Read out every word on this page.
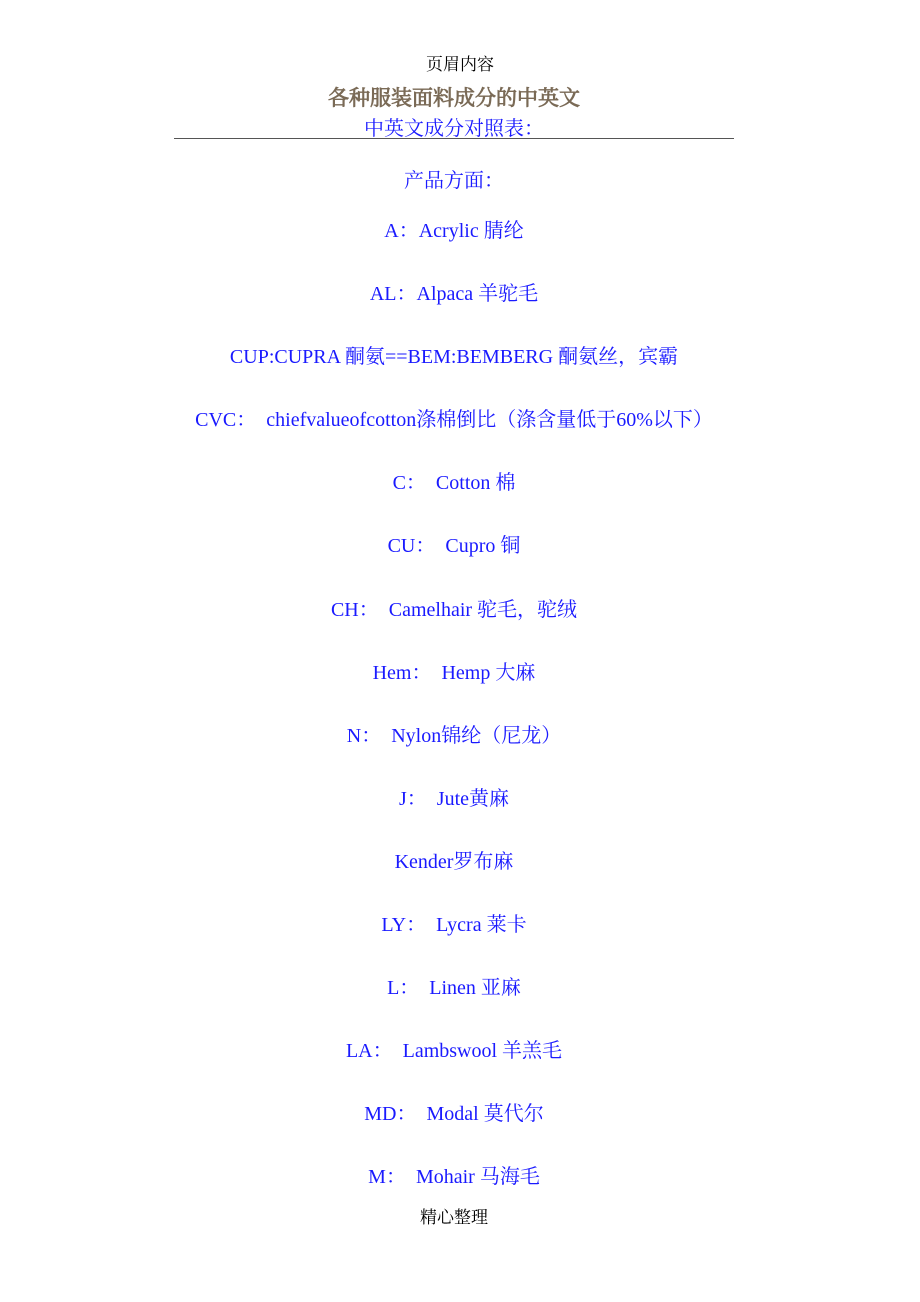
页眉内容
各种服装面料成分的中英文
中英文成分对照表：
产品方面：
A：Acrylic 腈纶
AL：Alpaca 羊驼毛
CUP:CUPRA 酮氨==BEM:BEMBERG 酮氨丝，宾霸
CVC：  chiefvalueofcotton涤棉倒比（涤含量低于60%以下）
C：  Cotton 棉
CU：  Cupro 铜
CH：  Camelhair 驼毛，驼绒
Hem：  Hemp 大麻
N：  Nylon锦纶（尼龙）
J：  Jute黄麻
Kender罗布麻
LY：  Lycra 莱卡
L：  Linen 亚麻
LA：  Lambswool 羊羔毛
MD：  Modal 莫代尔
M：  Mohair 马海毛
精心整理
